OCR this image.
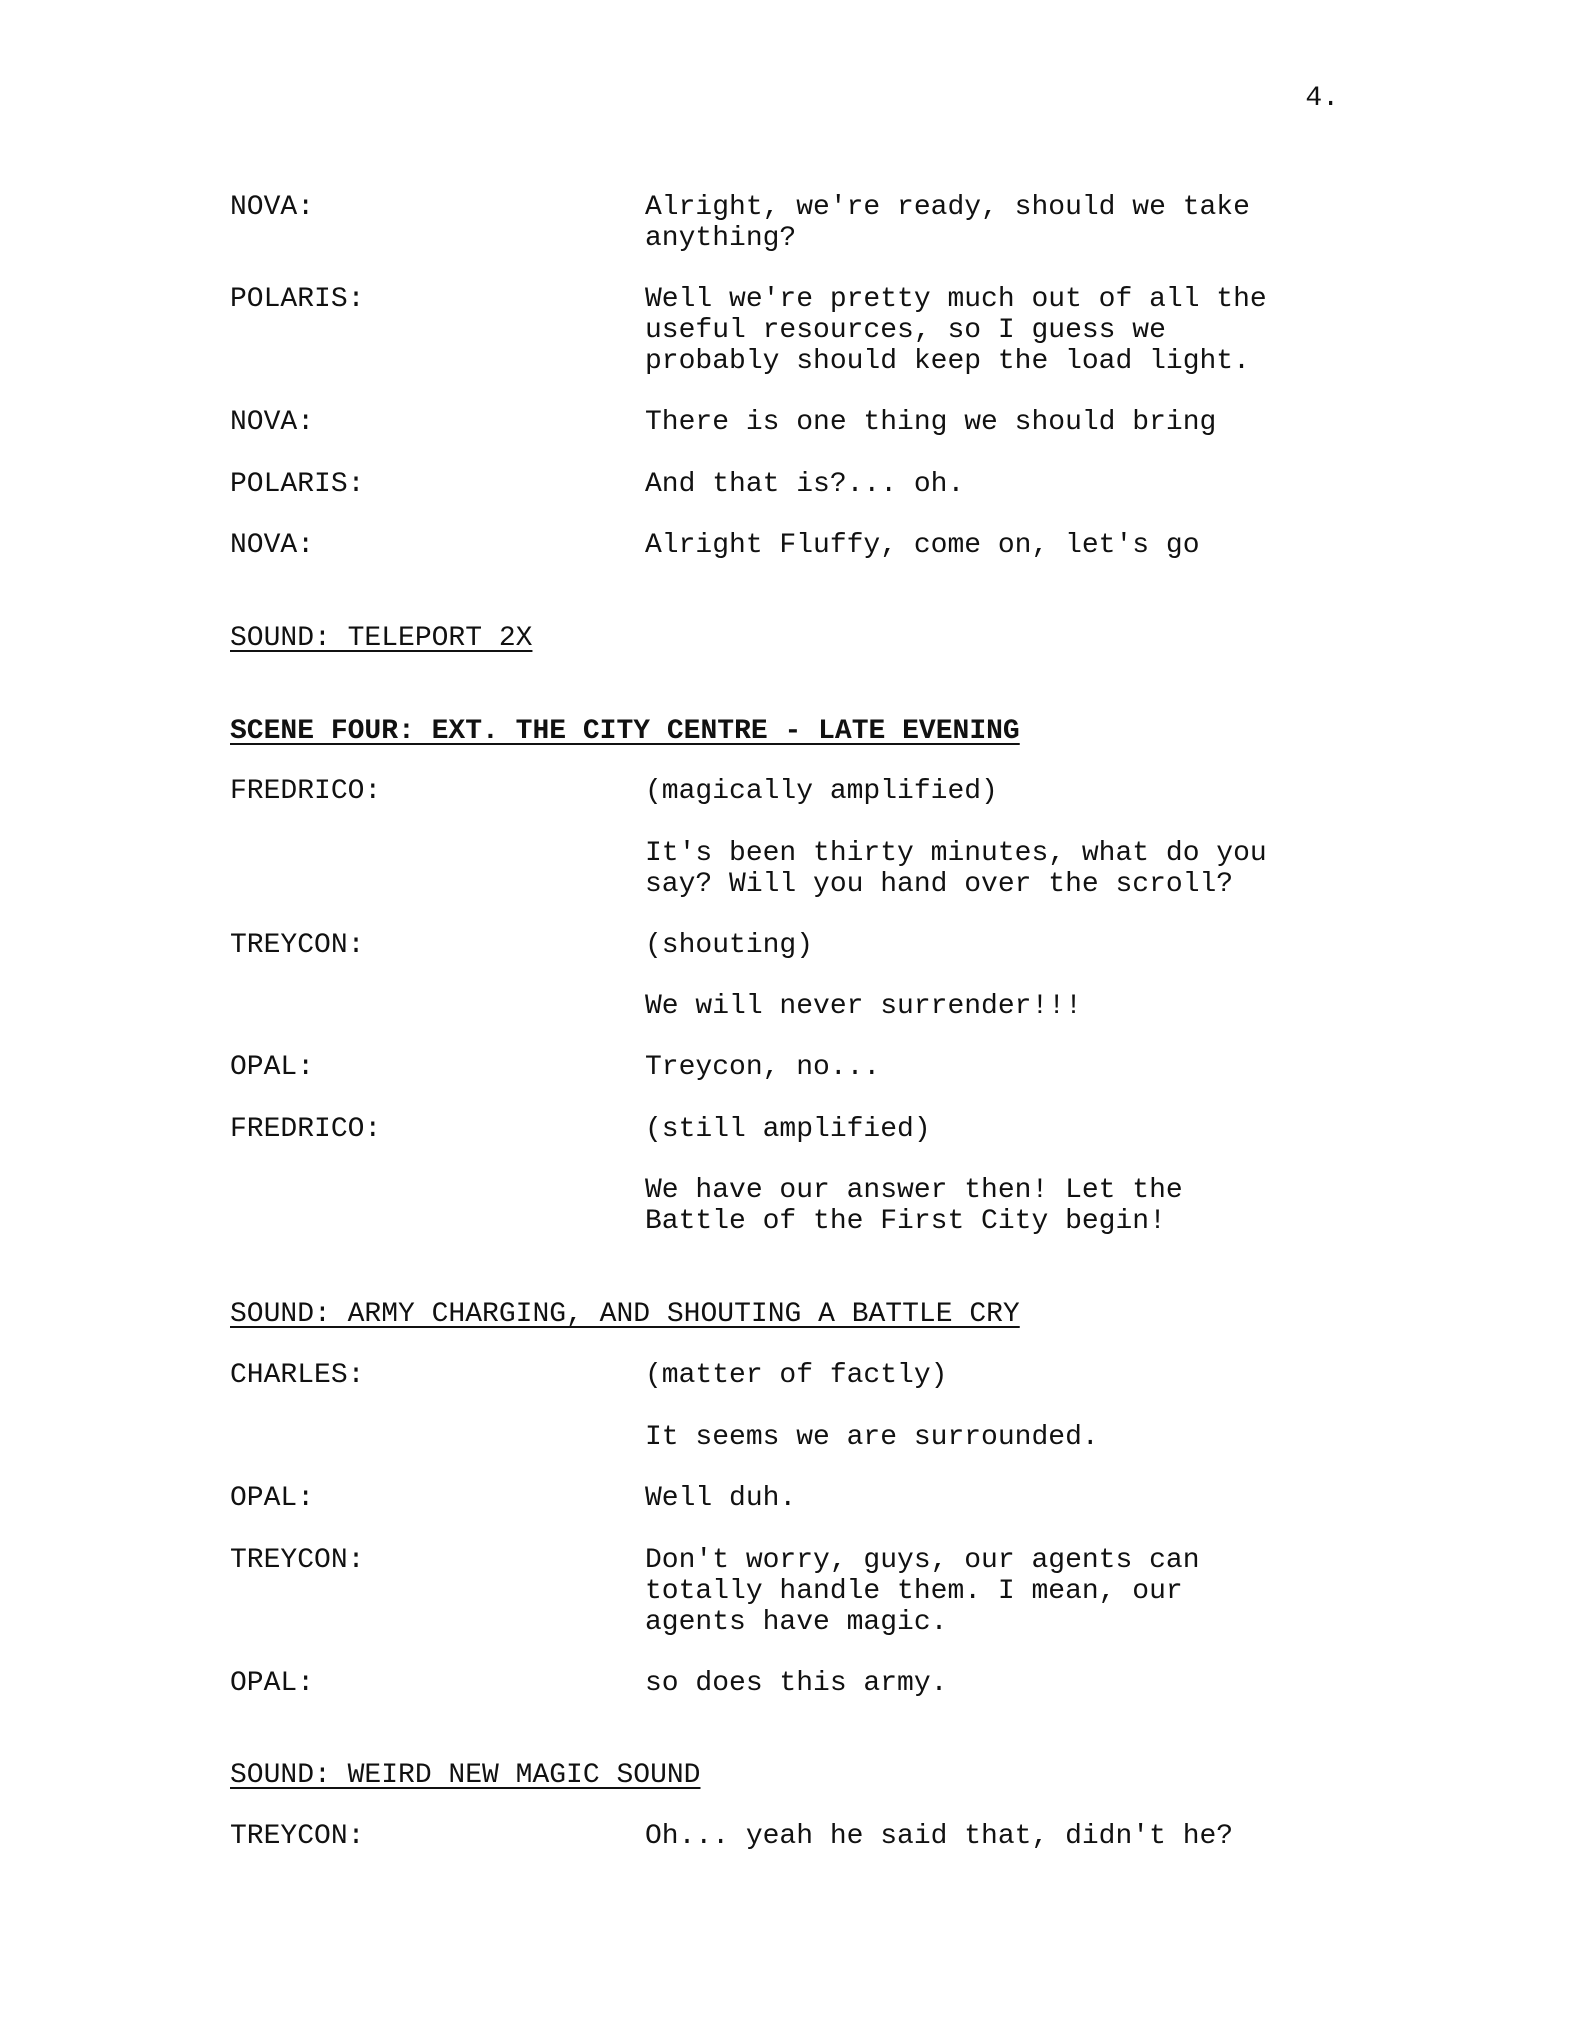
4.
NOVA:	Alright, we're ready, should we take
anything?
POLARIS:	Well we're pretty much out of all the
useful resources, so I guess we
probably should keep the load light.
NOVA:	There is one thing we should bring
POLARIS:	And that is?... oh.
NOVA:	Alright Fluffy, come on, let's go
SOUND: TELEPORT 2X
SCENE FOUR: EXT. THE CITY CENTRE - LATE EVENING
FREDRICO:	(magically amplified)
It's been thirty minutes, what do you
say? Will you hand over the scroll?
TREYCON:	(shouting)
We will never surrender!!!
OPAL:	Treycon, no...
FREDRICO:	(still amplified)
We have our answer then! Let the
Battle of the First City begin!
SOUND: ARMY CHARGING, AND SHOUTING A BATTLE CRY
CHARLES:	(matter of factly)
It seems we are surrounded.
OPAL:	Well duh.
TREYCON:	Don't worry, guys, our agents can
totally handle them. I mean, our
agents have magic.
OPAL:	so does this army.
SOUND: WEIRD NEW MAGIC SOUND
TREYCON:	Oh... yeah he said that, didn't he?
